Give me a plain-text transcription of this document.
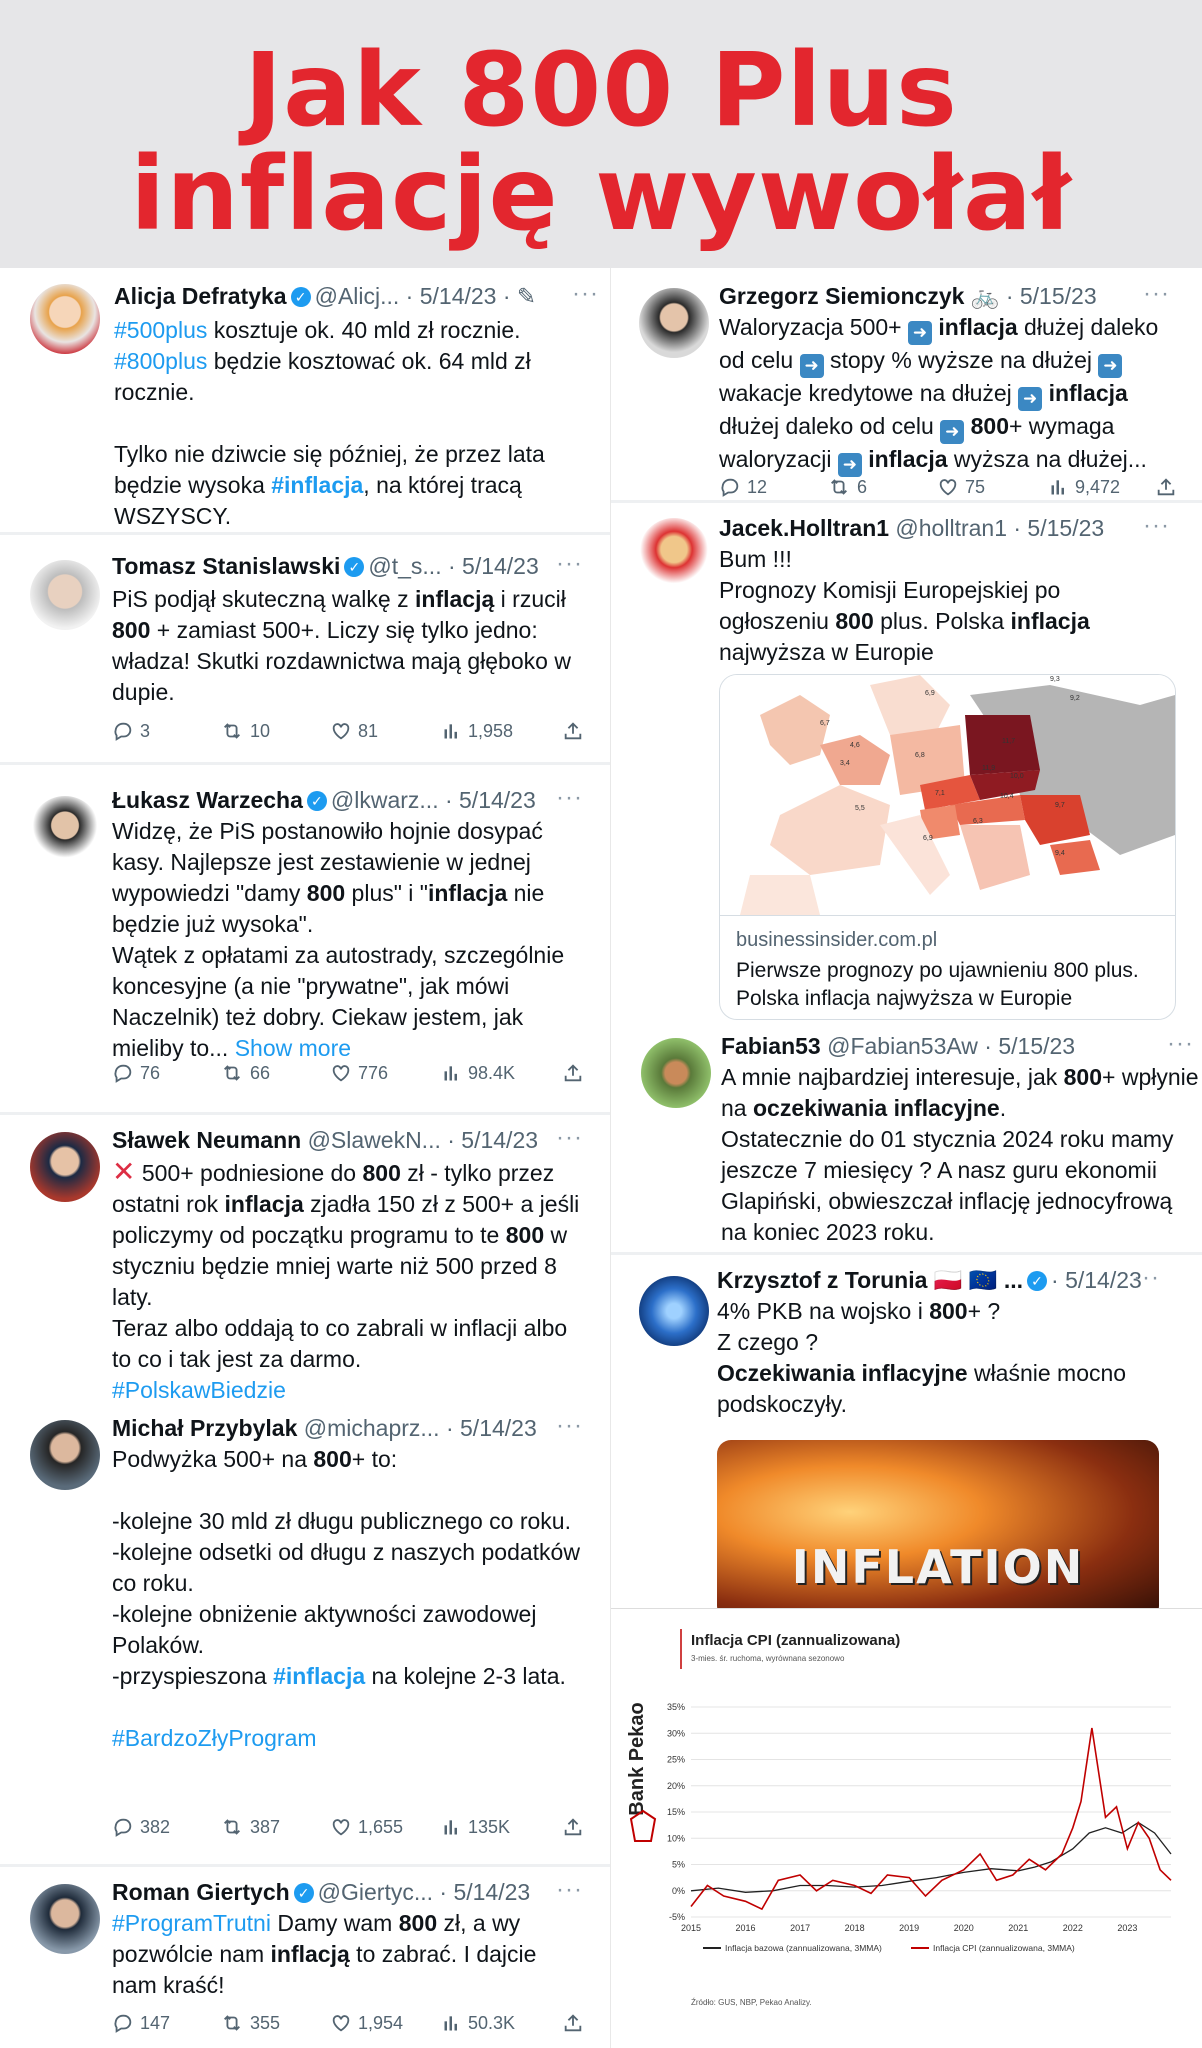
Jak 800 Plus
inflację wywołał
Alicja Defratyka ✓ @Alicj... · 5/14/23 · ✎ ···
#500plus kosztuje ok. 40 mld zł rocznie.
#800plus będzie kosztować ok. 64 mld zł rocznie.

Tylko nie dziwcie się później, że przez lata będzie wysoka #inflacja, na której tracą WSZYSCY.
Tomasz Stanislawski ✓ @t_s... · 5/14/23 ···
PiS podjął skuteczną walkę z inflacją i rzucił 800 + zamiast 500+. Liczy się tylko jedno: władza! Skutki rozdawnictwa mają głęboko w dupie.
3	10	81	1,958
Łukasz Warzecha ✓ @lkwarz... · 5/14/23 ···
Widzę, że PiS postanowiło hojnie dosypać kasy. Najlepsze jest zestawienie w jednej wypowiedzi "damy 800 plus" i "inflacja nie będzie już wysoka".
Wątek z opłatami za autostrady, szczególnie koncesyjne (a nie "prywatne", jak mówi Naczelnik) też dobry. Ciekaw jestem, jak mieliby to... Show more
76	66	776	98.4K
Sławek Neumann @SlawekN... · 5/14/23 ···
✕ 500+ podniesione do 800 zł - tylko przez ostatni rok inflacja zjadła 150 zł z 500+ a jeśli policzymy od początku programu to te 800 w styczniu będzie mniej warte niż 500 przed 8 laty.
Teraz albo oddają to co zabrali w inflacji albo to co i tak jest za darmo.
#PolskawBiedzie
Michał Przybylak @michaprz... · 5/14/23 ···
Podwyżka 500+ na 800+ to:

-kolejne 30 mld zł długu publicznego co roku.
-kolejne odsetki od długu z naszych podatków co roku.
-kolejne obniżenie aktywności zawodowej Polaków.
-przyspieszona #inflacja na kolejne 2-3 lata.

#BardzoZłyProgram
382	387	1,655	135K
Roman Giertych ✓ @Giertyc... · 5/14/23 ···
#ProgramTrutni Damy wam 800 zł, a wy pozwólcie nam inflacją to zabrać. I dajcie nam kraść!
147	355	1,954	50.3K
Grzegorz Siemionczyk 🚲 · 5/15/23 ···
Waloryzacja 500+ ➜ inflacja dłużej daleko od celu ➜ stopy % wyższe na dłużej ➜ wakacje kredytowe na dłużej ➜ inflacja dłużej daleko od celu ➜ 800+ wymaga waloryzacji ➜ inflacja wyższa na dłużej...
12	6	75	9,472
Jacek.Holltran1 @holltran1 · 5/15/23 ···
Bum !!!
Prognozy Komisji Europejskiej po ogłoszeniu 800 plus. Polska inflacja najwyższa w Europie
9,3
6,9
9,2
6,7
6,8
4,6
3,4
11,7
11,9
10,0
7,1	10,4
9,7
5,5
6,3
9,4
6,9
businessinsider.com.pl
Pierwsze prognozy po ujawnieniu 800 plus. Polska inflacja najwyższa w Europie
Fabian53 @Fabian53Aw · 5/15/23	···
A mnie najbardziej interesuje, jak 800+ wpłynie na oczekiwania inflacyjne.
Ostatecznie do 01 stycznia 2024 roku mamy jeszcze 7 miesięcy ? A nasz guru ekonomii Glapiński, obwieszczał inflację jednocyfrową na koniec 2023 roku.
Krzysztof z Torunia 🇵🇱 🇪🇺 ... ✓ · 5/14/23
···
4% PKB na wojsko i 800+ ?
Z czego ?
Oczekiwania inflacyjne właśnie mocno podskoczyły.
INFLATION
Bank Pekao
Inflacja CPI (zannualizowana)
3-mies. śr. ruchoma, wyrównana sezonowo
35%
30%
25%
20%
15%
10%
5%
0%
-5%
2015	2016	2017	2018	2019	2020	2021	2022	2023
Inflacja bazowa (zannualizowana, 3MMA)	Inflacja CPI (zannualizowana, 3MMA)
Źródło: GUS, NBP, Pekao Analizy.
